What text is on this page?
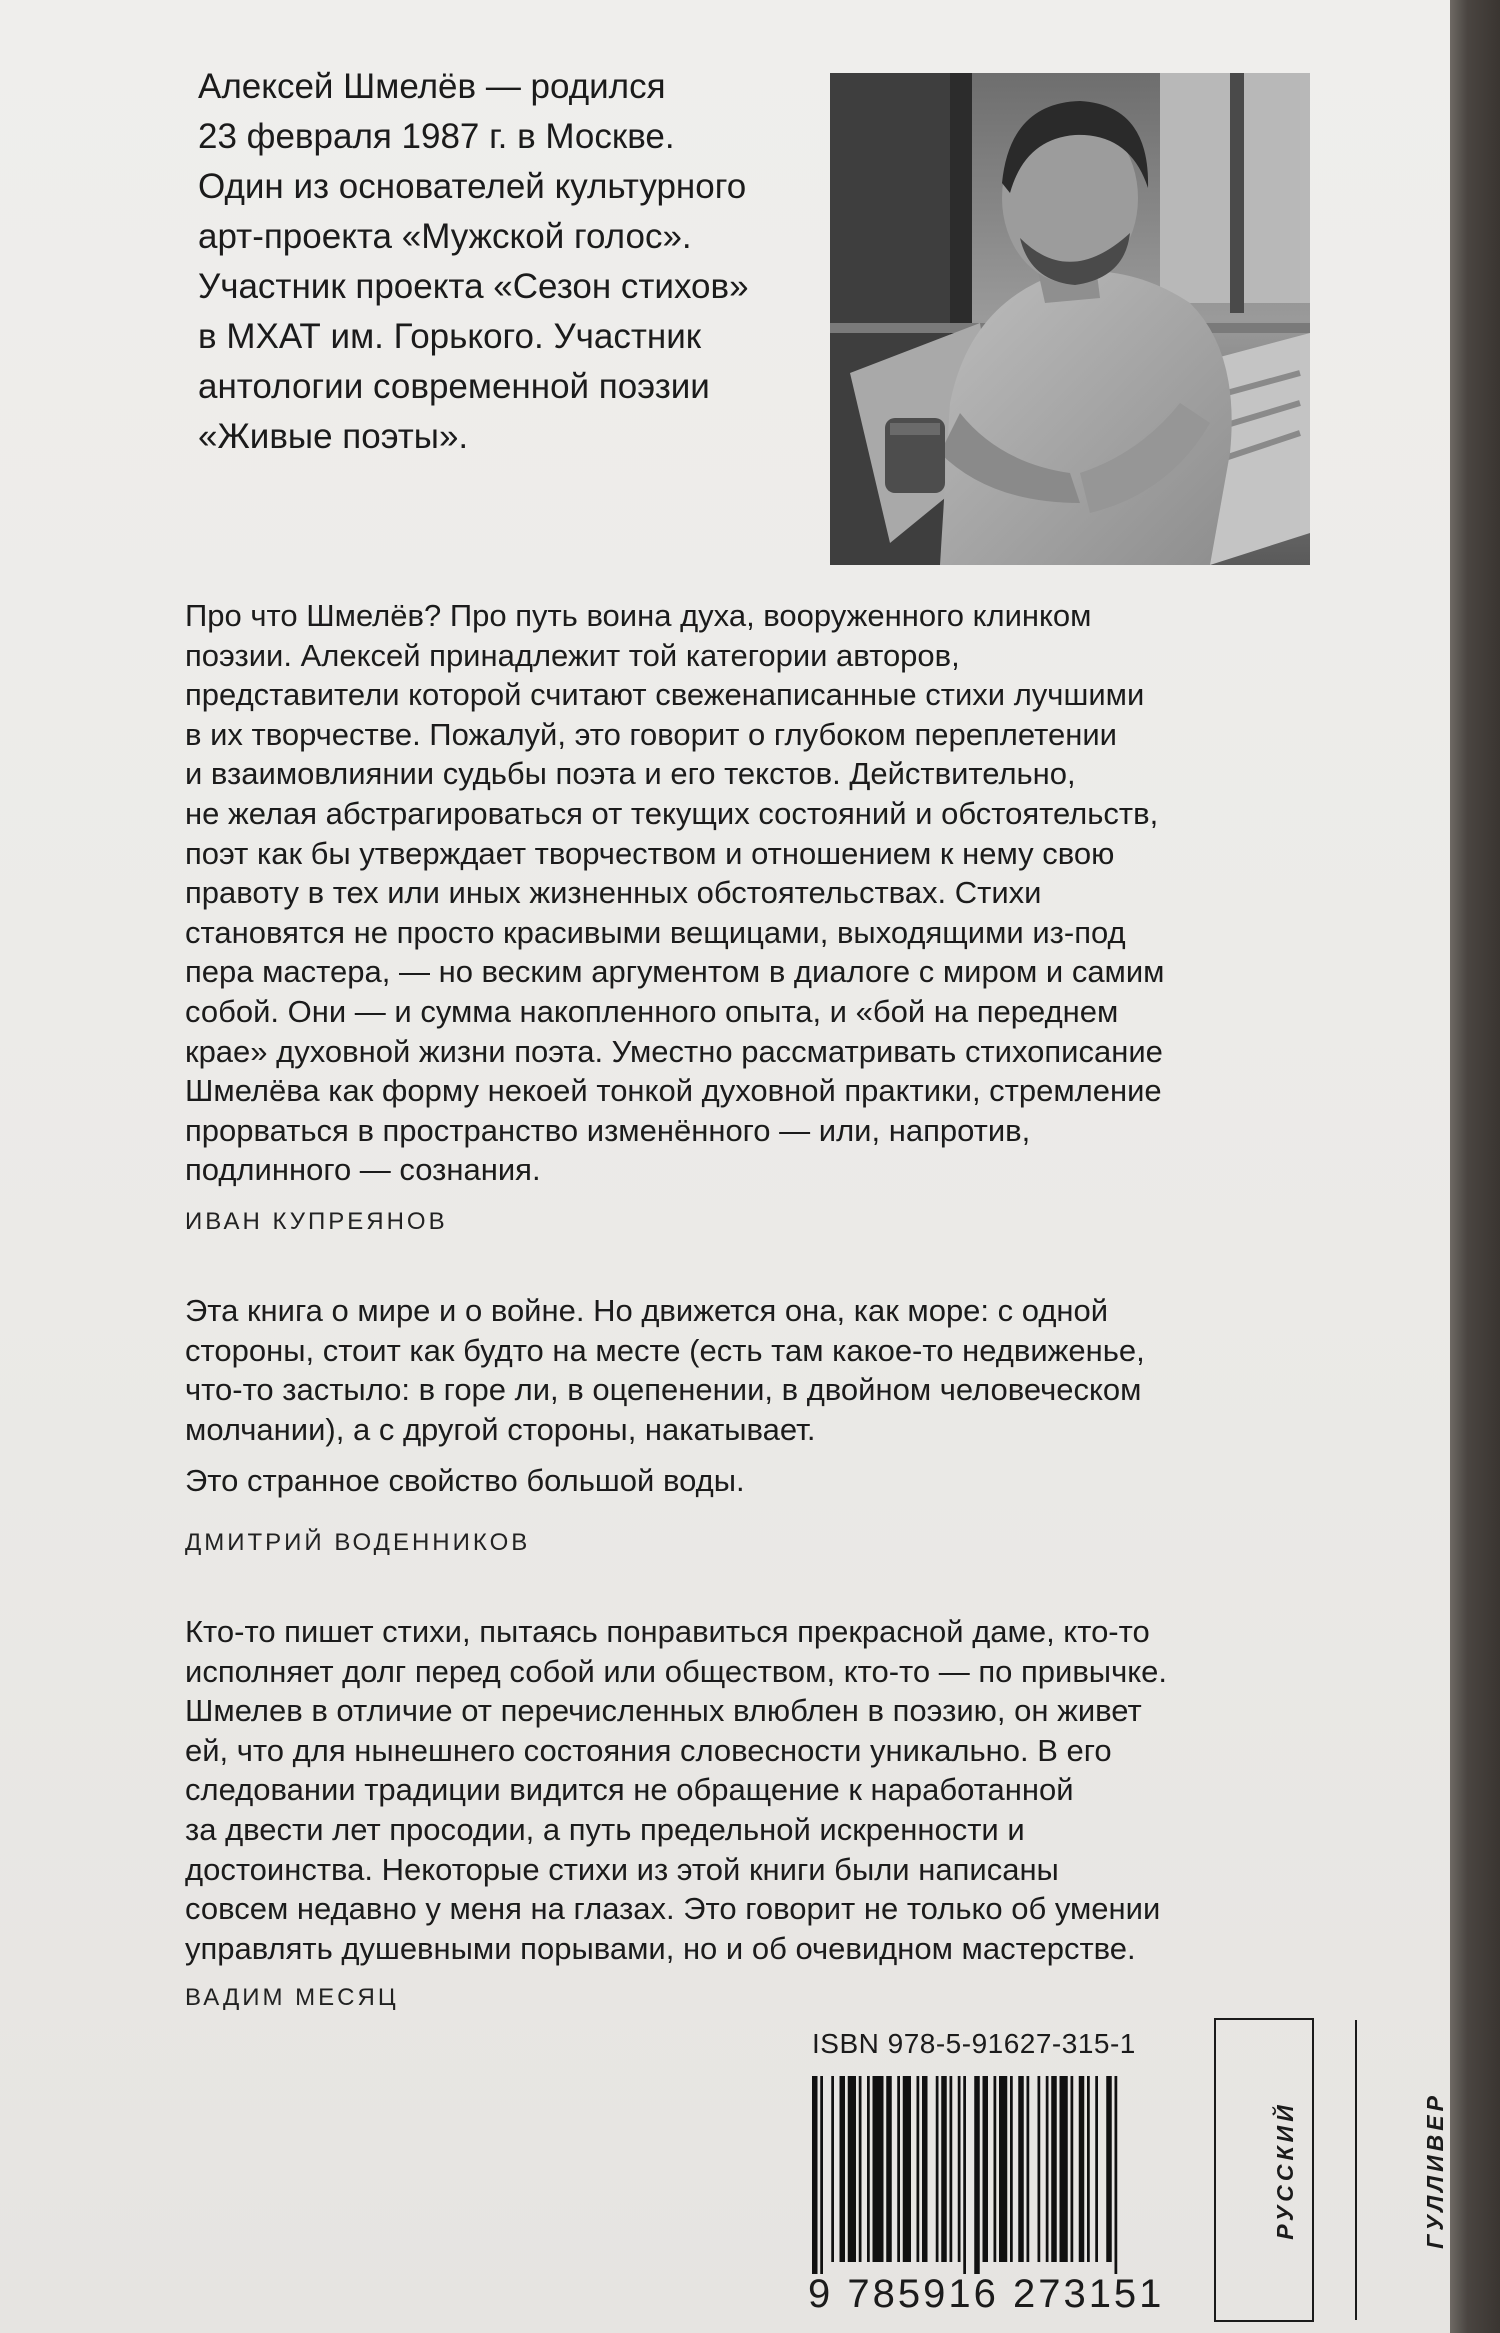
Алексей Шмелёв — родился
23 февраля 1987 г. в Москве.
Один из основателей культурного
арт-проекта «Мужской голос».
Участник проекта «Сезон стихов»
в МХАТ им. Горького. Участник
антологии современной поэзии
«Живые поэты».

Про что Шмелёв? Про путь воина духа, вооруженного клинком
поэзии. Алексей принадлежит той категории авторов,
представители которой считают свеженаписанные стихи лучшими
в их творчестве. Пожалуй, это говорит о глубоком переплетении
и взаимовлиянии судьбы поэта и его текстов. Действительно,
не желая абстрагироваться от текущих состояний и обстоятельств,
поэт как бы утверждает творчеством и отношением к нему свою
правоту в тех или иных жизненных обстоятельствах. Стихи
становятся не просто красивыми вещицами, выходящими из-под
пера мастера, — но веским аргументом в диалоге с миром и самим
собой. Они — и сумма накопленного опыта, и «бой на переднем
крае» духовной жизни поэта. Уместно рассматривать стихописание
Шмелёва как форму некоей тонкой духовной практики, стремление
прорваться в пространство изменённого — или, напротив,
подлинного — сознания.

ИВАН КУПРЕЯНОВ

Эта книга о мире и о войне. Но движется она, как море: с одной
стороны, стоит как будто на месте (есть там какое-то недвиженье,
что-то застыло: в горе ли, в оцепенении, в двойном человеческом
молчании), а с другой стороны, накатывает.

Это странное свойство большой воды.

ДМИТРИЙ ВОДЕННИКОВ

Кто-то пишет стихи, пытаясь понравиться прекрасной даме, кто-то
исполняет долг перед собой или обществом, кто-то — по привычке.
Шмелев в отличие от перечисленных влюблен в поэзию, он живет
ей, что для нынешнего состояния словесности уникально. В его
следовании традиции видится не обращение к наработанной
за двести лет просодии, а путь предельной искренности и
достоинства. Некоторые стихи из этой книги были написаны
совсем недавно у меня на глазах. Это говорит не только об умении
управлять душевными порывами, но и об очевидном мастерстве.

ВАДИМ МЕСЯЦ

ISBN 978-5-91627-315-1
9 785916 273151
РУССКИЙ	ГУЛЛИВЕР
